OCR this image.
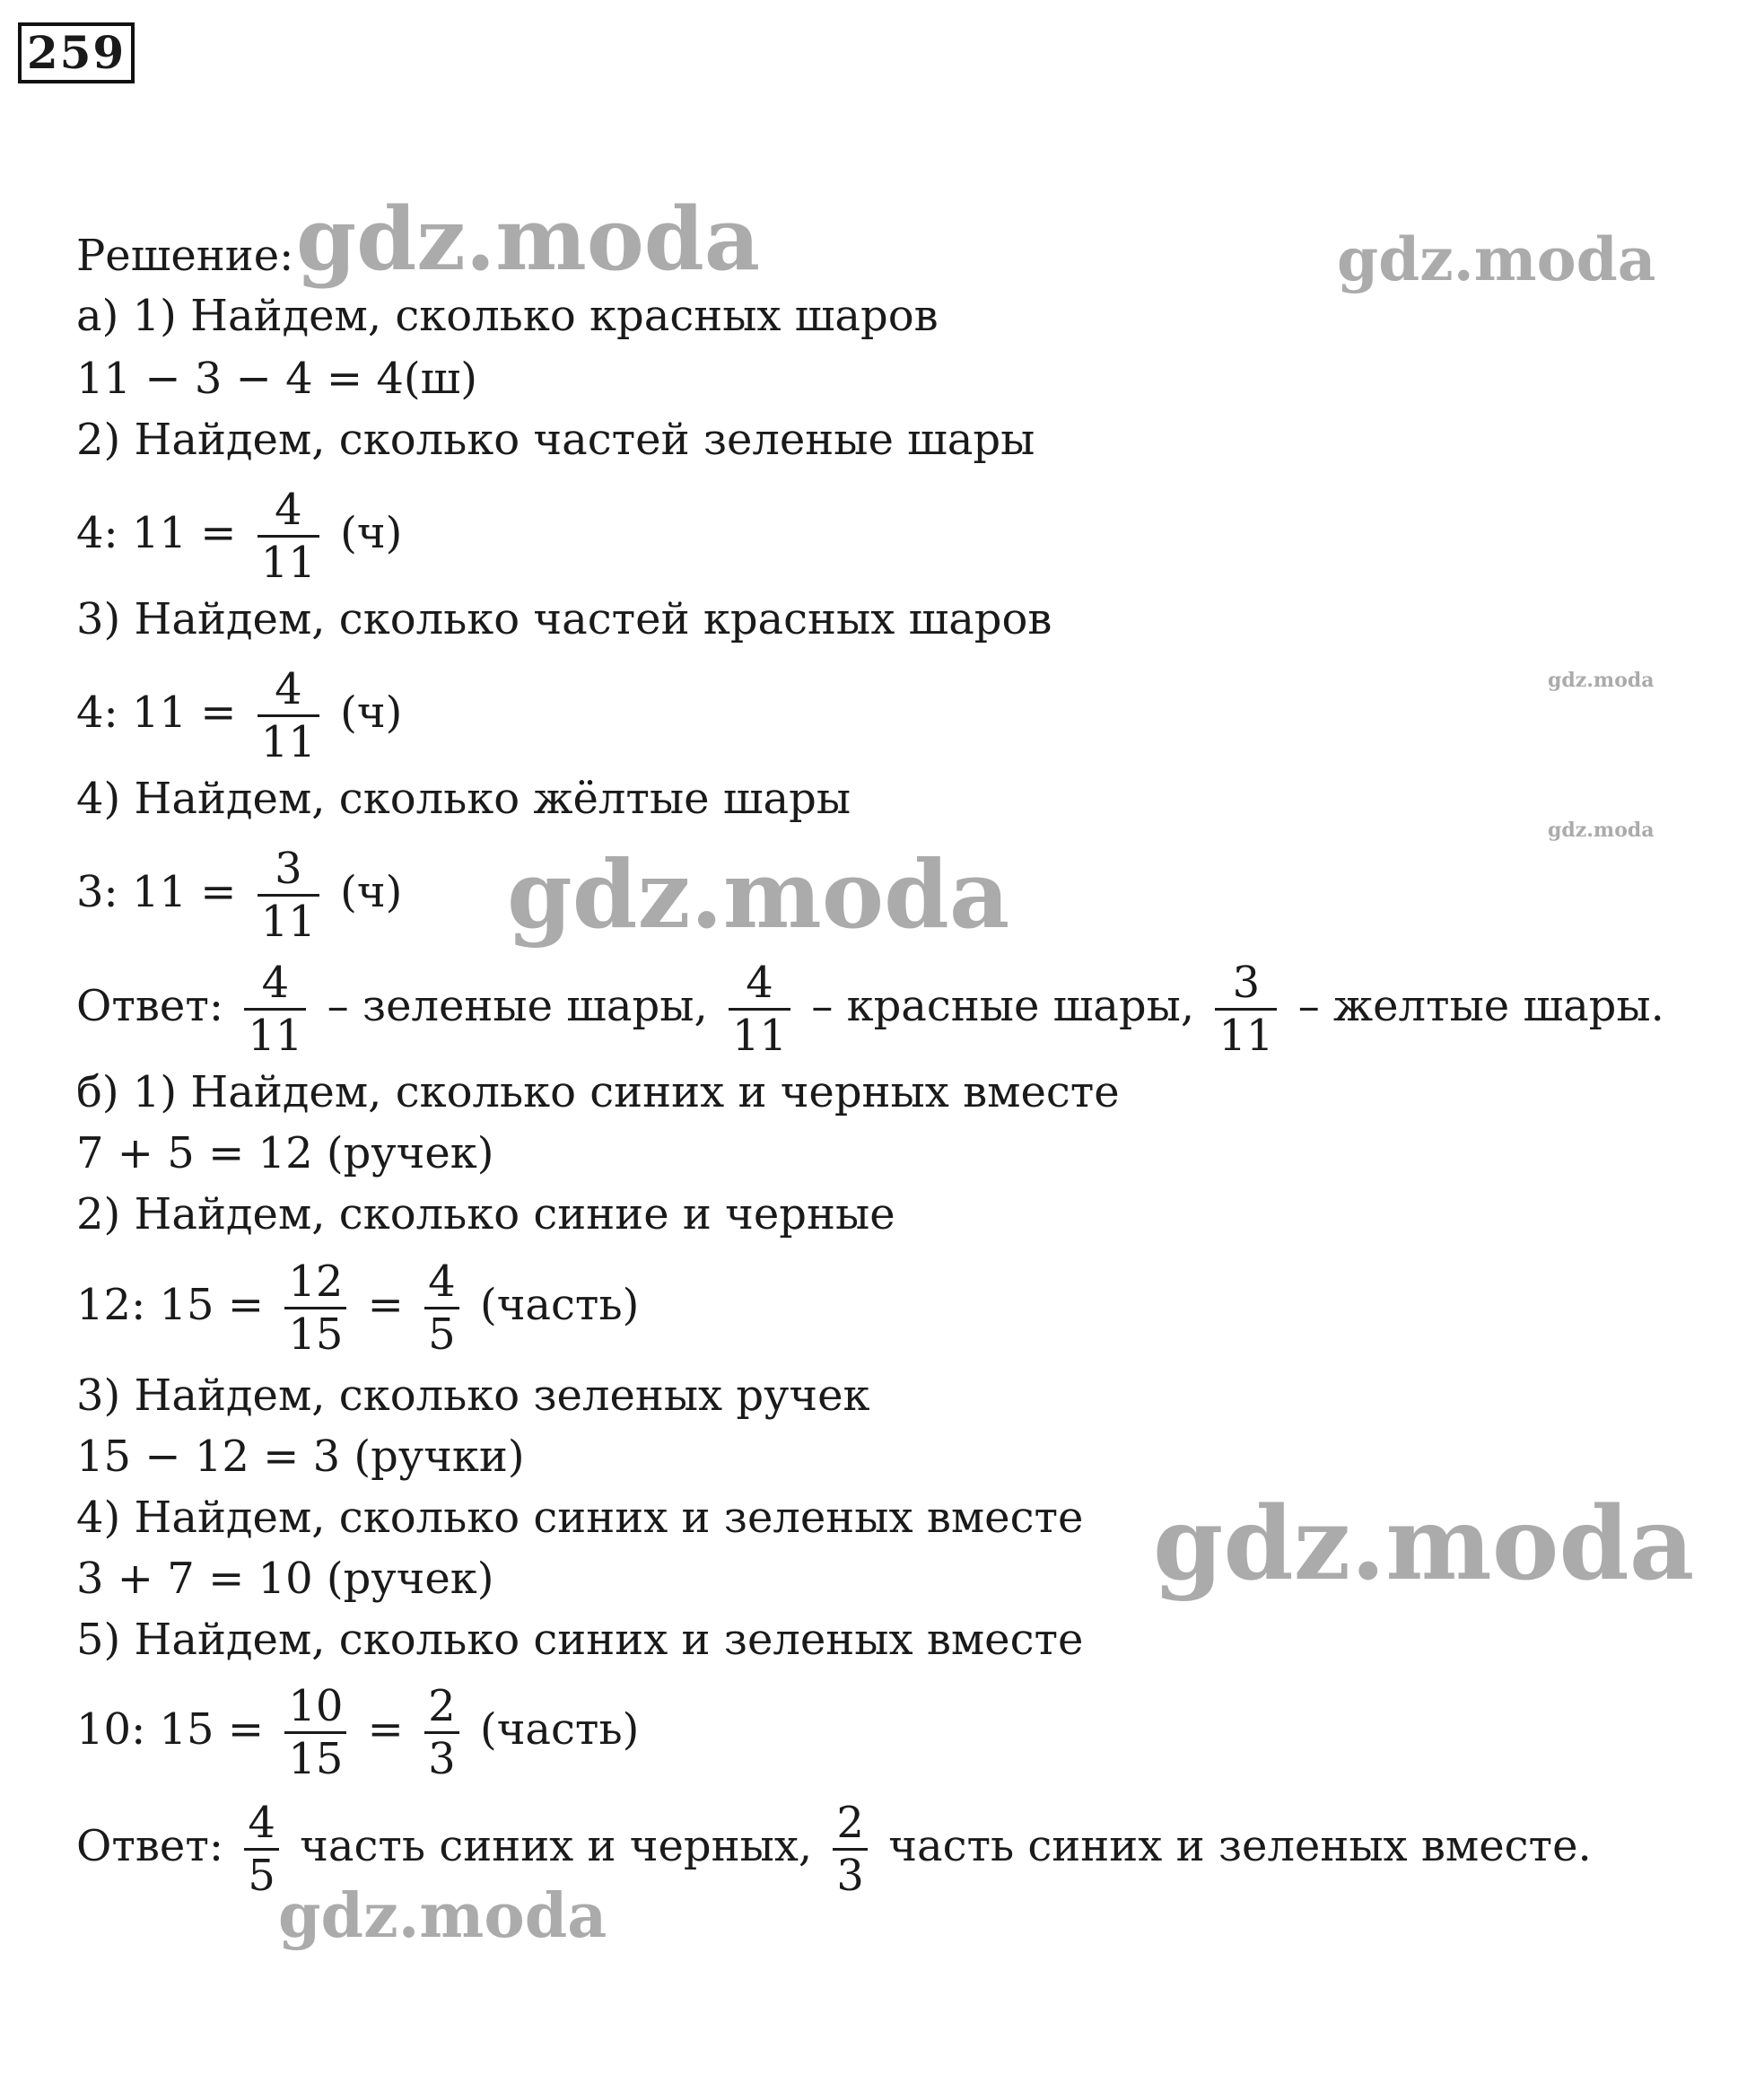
259
Решение:
а) 1) Найдем, сколько красных шаров
11 − 3 − 4 = 4(ш)
2) Найдем, сколько частей зеленые шары
4: $11 = \frac{4}{11} (ч)$
3) Найдем, сколько частей красных шаров
4: $11 = \frac{4}{11} (ч)$
4) Найдем, сколько жёлтые шары
3: $11 = \frac{3}{11} (ч)$
Ответ: $\frac{4}{11}$ – зеленые шары, $\frac{4}{11}$ – красные шары, $\frac{3}{11}$ – желтые шары.
б) 1) Найдем, сколько синих и черных вместе
7 + 5 = 12 (ручек)
2) Найдем, сколько синие и черные
12: $15 = \frac{12}{15} = \frac{4}{5}$ (часть)
3) Найдем, сколько зеленых ручек
15 − 12 = 3 (ручки)
4) Найдем, сколько синих и зеленых вместе
3 + 7 = 10 (ручек)
5) Найдем, сколько синих и зеленых вместе
10: $15 = \frac{10}{15} = \frac{2}{3}$ (часть)
Ответ: $\frac{4}{5}$ часть синих и черных, $\frac{2}{3}$ часть синих и зеленых вместе.
gdz.moda	gdz.moda
gdz.moda
gdz.moda
gdz.moda
gdz.moda
gdz.moda
